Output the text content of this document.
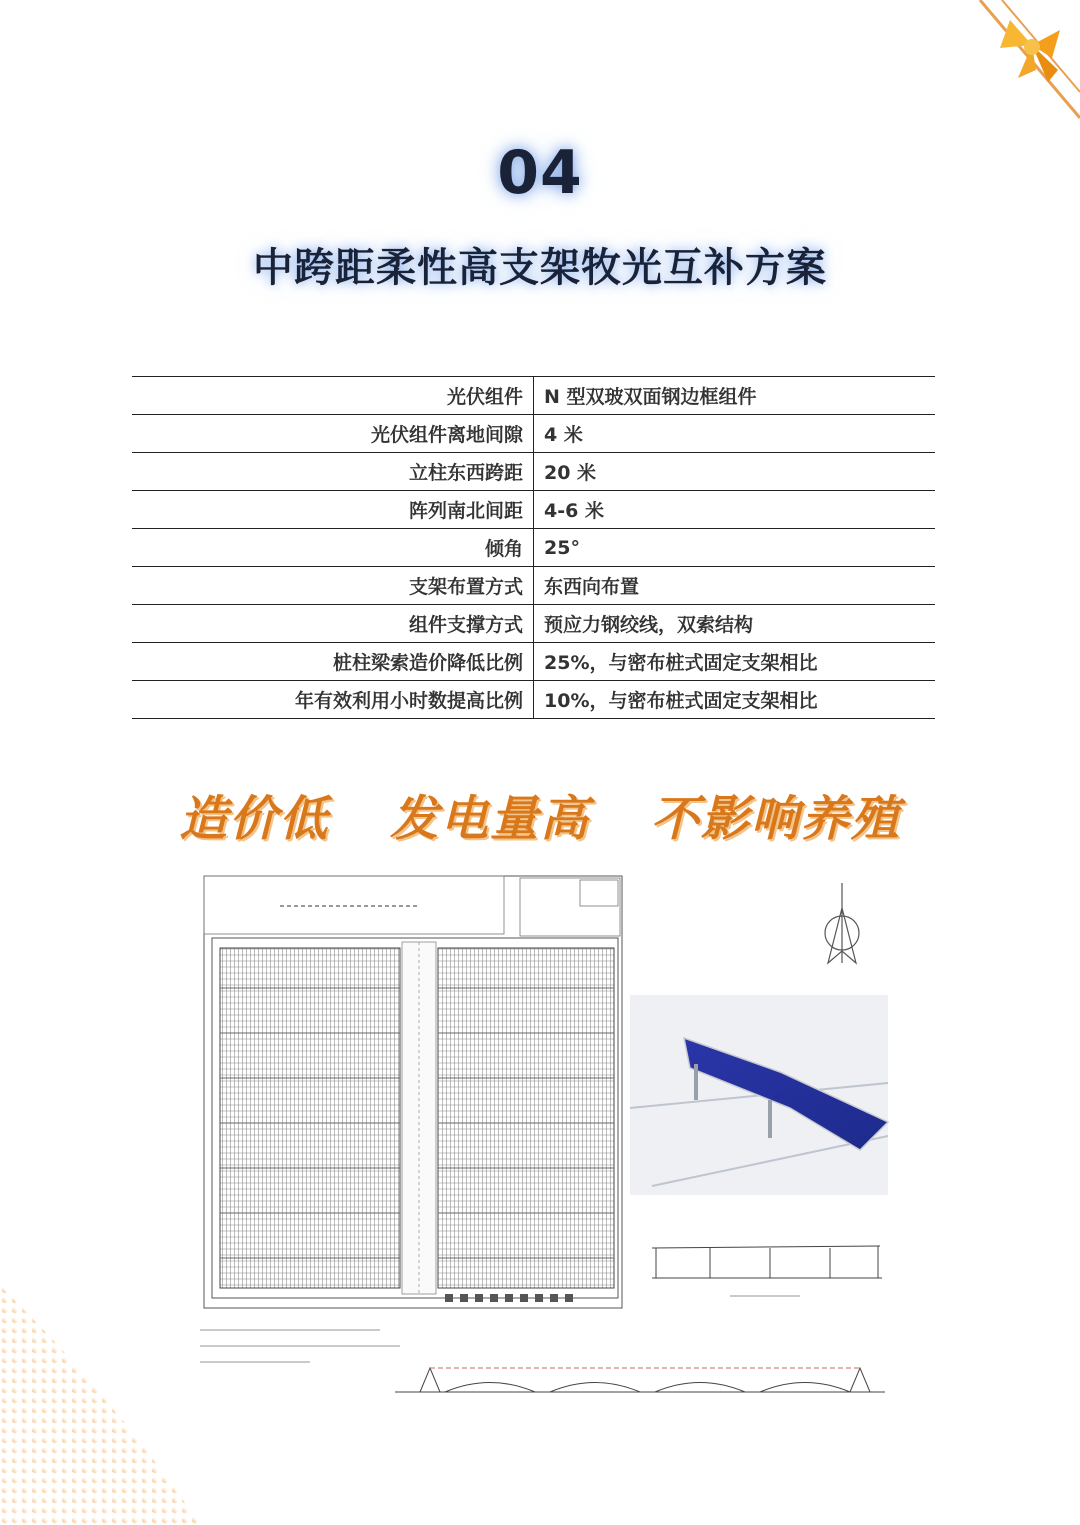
04
中跨距柔性高支架牧光互补方案
光伏组件	N 型双玻双面钢边框组件
光伏组件离地间隙	4 米
立柱东西跨距	20 米
阵列南北间距	4-6 米
倾角	25°
支架布置方式	东西向布置
组件支撑方式	预应力钢绞线，双索结构
桩柱梁索造价降低比例	25%，与密布桩式固定支架相比
年有效利用小时数提高比例	10%，与密布桩式固定支架相比
造价低 发电量高 不影响养殖
